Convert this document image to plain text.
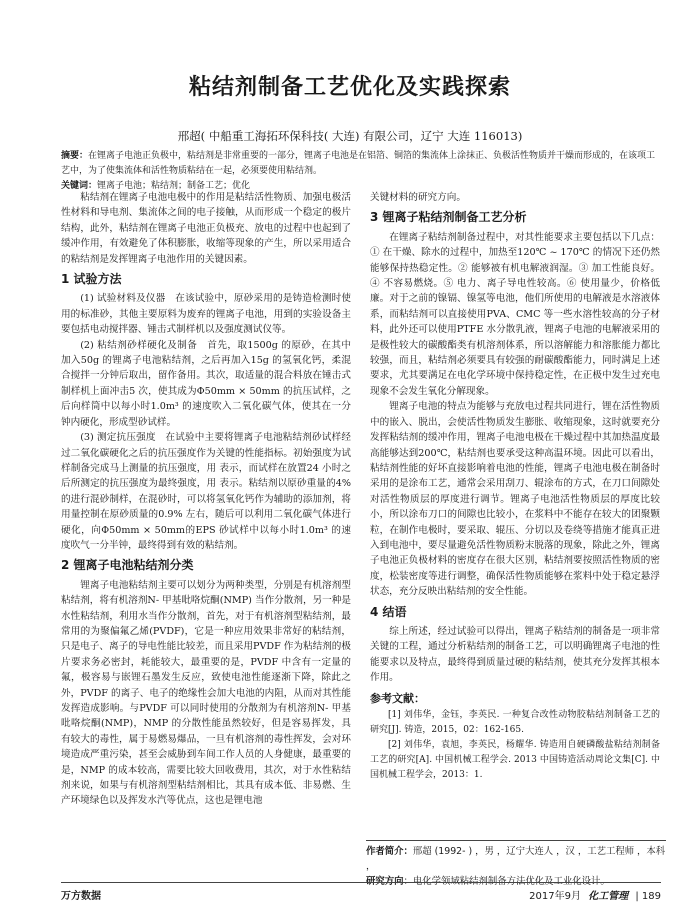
粘结剂制备工艺优化及实践探索
邢超( 中船重工海拓环保科技( 大连) 有限公司，辽宁 大连 116013)
摘要：在锂离子电池正负极中，粘结剂是非常重要的一部分，锂离子电池是在铝箔、铜箔的集流体上涂抹正、负极活性物质并干燥而形成的，在该项工艺中，为了使集流体和活性物质粘结在一起，必须要使用粘结剂。
关键词：锂离子电池；粘结剂；制备工艺；优化

粘结剂在锂离子电池电极中的作用是粘结活性物质、加强电极活性材料和导电剂、集流体之间的电子接触，从而形成一个稳定的极片结构，此外，粘结剂在锂离子电池正负极充、放电的过程中也起到了缓冲作用，有效避免了体积膨胀，收缩等现象的产生，所以采用适合的粘结剂是发挥锂离子电池作用的关键因素。

1 试验方法

(1) 试验材料及仪器　在该试验中，原砂采用的是铸造检测时使用的标准砂，其他主要原料为废弃的锂离子电池，用到的实验设备主要包括电动搅拌器、锤击式制样机以及强度测试仪等。

(2) 粘结剂砂样硬化及制备　首先，取1500g 的原砂，在其中加入50g 的锂离子电池粘结剂，之后再加入15g 的氢氧化钙，柔混合搅拌一分钟后取出，留作备用。其次，取适量的混合料放在锤击式制样机上面冲击5 次，使其成为Φ50mm × 50mm 的抗压试样，之后向样筒中以每小时1.0m³ 的速度吹入二氧化碳气体，使其在一分钟内硬化，形成型砂试样。

(3) 测定抗压强度　在试验中主要将锂离子电池粘结剂砂试样经过二氧化碳硬化之后的抗压强度作为关键的性能指标。初始强度为试样制备完成马上测量的抗压强度，用 表示，而试样在放置24 小时之后所测定的抗压强度为最终强度，用 表示。粘结剂以原砂重量的4% 的进行混砂制样，在混砂时，可以将氢氧化钙作为辅助的添加剂，将用量控制在原砂质量的0.9% 左右，随后可以利用二氧化碳气体进行硬化，向Φ50mm × 50mm的EPS 砂试样中以每小时1.0m³ 的速度吹气一分半钟，最终得到有效的粘结剂。

2 锂离子电池粘结剂分类

锂离子电池粘结剂主要可以划分为两种类型，分别是有机溶剂型粘结剂，将有机溶剂N- 甲基吡咯烷酮(NMP) 当作分散剂，另一种是水性粘结剂，利用水当作分散剂，首先，对于有机溶剂型粘结剂，最常用的为聚偏氟乙烯(PVDF)，它是一种应用效果非常好的粘结剂，只是电子、离子的导电性能比较差，而且采用PVDF 作为粘结剂的极片要求务必密封，耗能较大，最重要的是，PVDF 中含有一定量的氟，极容易与嵌锂石墨发生反应，致使电池性能逐渐下降，除此之外，PVDF 的离子、电子的绝缘性会加大电池的内阻，从而对其性能发挥造成影响。与PVDF 可以同时使用的分散剂为有机溶剂N- 甲基吡咯烷酮(NMP)，NMP 的分散性能虽然较好，但是容易挥发，具有较大的毒性，属于易燃易爆品，一旦有机溶剂的毒性挥发，会对环境造成严重污染，甚至会威胁到车间工作人员的人身健康，最重要的是，NMP 的成本较高，需要比较大回收费用，其次，对于水性粘结剂来说，如果与有机溶剂型粘结剂相比，其具有成本低、非易燃、生产环境绿色以及挥发水汽等优点，这也是锂电池

关键材料的研究方向。

3 锂离子粘结剂制备工艺分析

在锂离子粘结剂制备过程中，对其性能要求主要包括以下几点：① 在干燥、除水的过程中，加热至120℃ ~ 170℃ 的情况下还仍然能够保持热稳定性。② 能够被有机电解液润湿。③ 加工性能良好。④ 不容易燃烧。⑤ 电力、离子导电性较高。⑥ 使用量少，价格低廉。对于之前的镍镉、镍氢等电池，他们所使用的电解液是水溶液体系，而粘结剂可以直接使用PVA、CMC 等一些水溶性较高的分子材料，此外还可以使用PTFE 水分散乳液，锂离子电池的电解液采用的是极性较大的碳酸酯类有机溶剂体系，所以溶解能力和溶胀能力都比较强，而且，粘结剂必须要具有较强的耐碳酸酯能力，同时满足上述要求，尤其要满足在电化学环境中保持稳定性，在正极中发生过充电现象不会发生氧化分解现象。

锂离子电池的特点为能够与充放电过程共同进行，锂在活性物质中的嵌入、脱出，会使活性物质发生膨胀、收缩现象，这时就要充分发挥粘结剂的缓冲作用，锂离子电池电极在干燥过程中其加热温度最高能够达到200℃，粘结剂也要承受这种高温环境。因此可以看出，粘结剂性能的好坏直接影响着电池的性能，锂离子电池电极在制备时采用的是涂布工艺，通常会采用刮刀、辊涂布的方式，在刀口间隙处对活性物质层的厚度进行调节。锂离子电池活性物质层的厚度比较小，所以涂布刀口的间隙也比较小，在浆料中不能存在较大的团聚颗粒，在制作电极时，要采取、辊压、分切以及卷绕等措施才能真正进入到电池中，要尽量避免活性物质粉末脱落的现象，除此之外，锂离子电池正负极材料的密度存在很大区别，粘结剂要按照活性物质的密度，松装密度等进行调整，确保活性物质能够在浆料中处于稳定悬浮状态，充分反映出粘结剂的安全性能。

4 结语

综上所述，经过试验可以得出，锂离子粘结剂的制备是一项非常关键的工程，通过分析粘结剂的制备工艺，可以明确锂离子电池的性能要求以及特点，最终得到质量过硬的粘结剂，使其充分发挥其根本作用。

参考文献：

[1] 刘伟华，金钰，李英民. 一种复合改性动物胶粘结剂制备工艺的研究[J]. 铸造，2015，02：162-165.

[2] 刘伟华，袁旭，李英民，杨耀华. 铸造用自硬磷酸盐粘结剂制备工艺的研究[A]. 中国机械工程学会. 2013 中国铸造活动周论文集[C]. 中国机械工程学会，2013：1.

作者简介：邢超 (1992- ) ，男 ，辽宁大连人 ，汉 ，工艺工程师 ，本科 ，
研究方向：电化学领域粘结剂制备方法优化及工业化设计。
万方数据	2017年9月 化工管理 | 189
